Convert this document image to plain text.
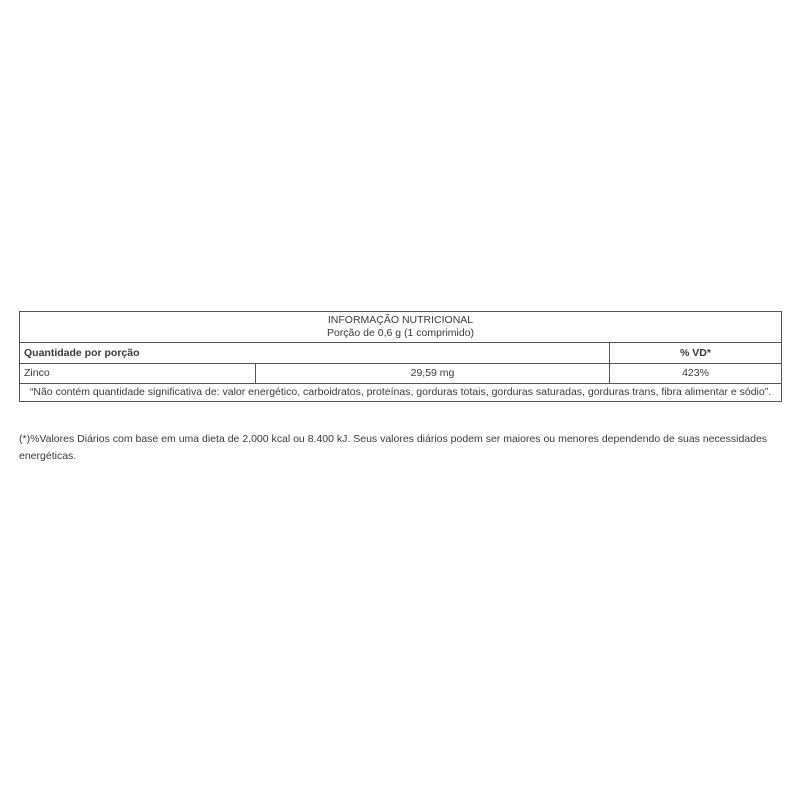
INFORMAÇÃO NUTRICIONAL
Porção de 0,6 g (1 comprimido)		

Quantidade por porção		% VD*
Zinco	29,59 mg	423%
“Não contém quantidade significativa de: valor energético, carboidratos, proteínas, gorduras totais, gorduras saturadas, gorduras trans, fibra alimentar e sódio”.		

(*)%Valores Diários com base em uma dieta de 2.000 kcal ou 8.400 kJ. Seus valores diários podem ser maiores ou menores dependendo de suas necessidades energéticas.
